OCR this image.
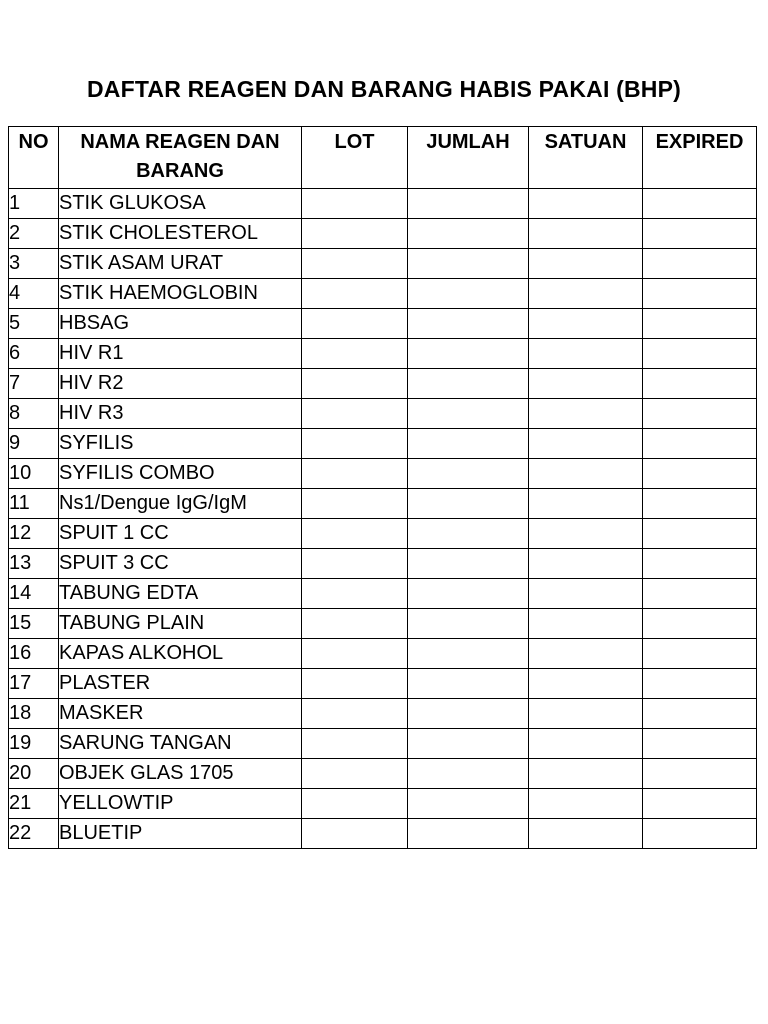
DAFTAR REAGEN DAN BARANG HABIS PAKAI (BHP)
NO	NAMA REAGEN DAN BARANG	LOT	JUMLAH	SATUAN	EXPIRED
1	STIK GLUKOSA				
2	STIK CHOLESTEROL				
3	STIK ASAM URAT				
4	STIK HAEMOGLOBIN				
5	HBSAG				
6	HIV R1				
7	HIV R2				
8	HIV R3				
9	SYFILIS				
10	SYFILIS COMBO				
11	Ns1/Dengue IgG/IgM				
12	SPUIT 1 CC				
13	SPUIT 3 CC				
14	TABUNG EDTA				
15	TABUNG PLAIN				
16	KAPAS ALKOHOL				
17	PLASTER				
18	MASKER				
19	SARUNG TANGAN				
20	OBJEK GLAS 1705				
21	YELLOWTIP				
22	BLUETIP				
